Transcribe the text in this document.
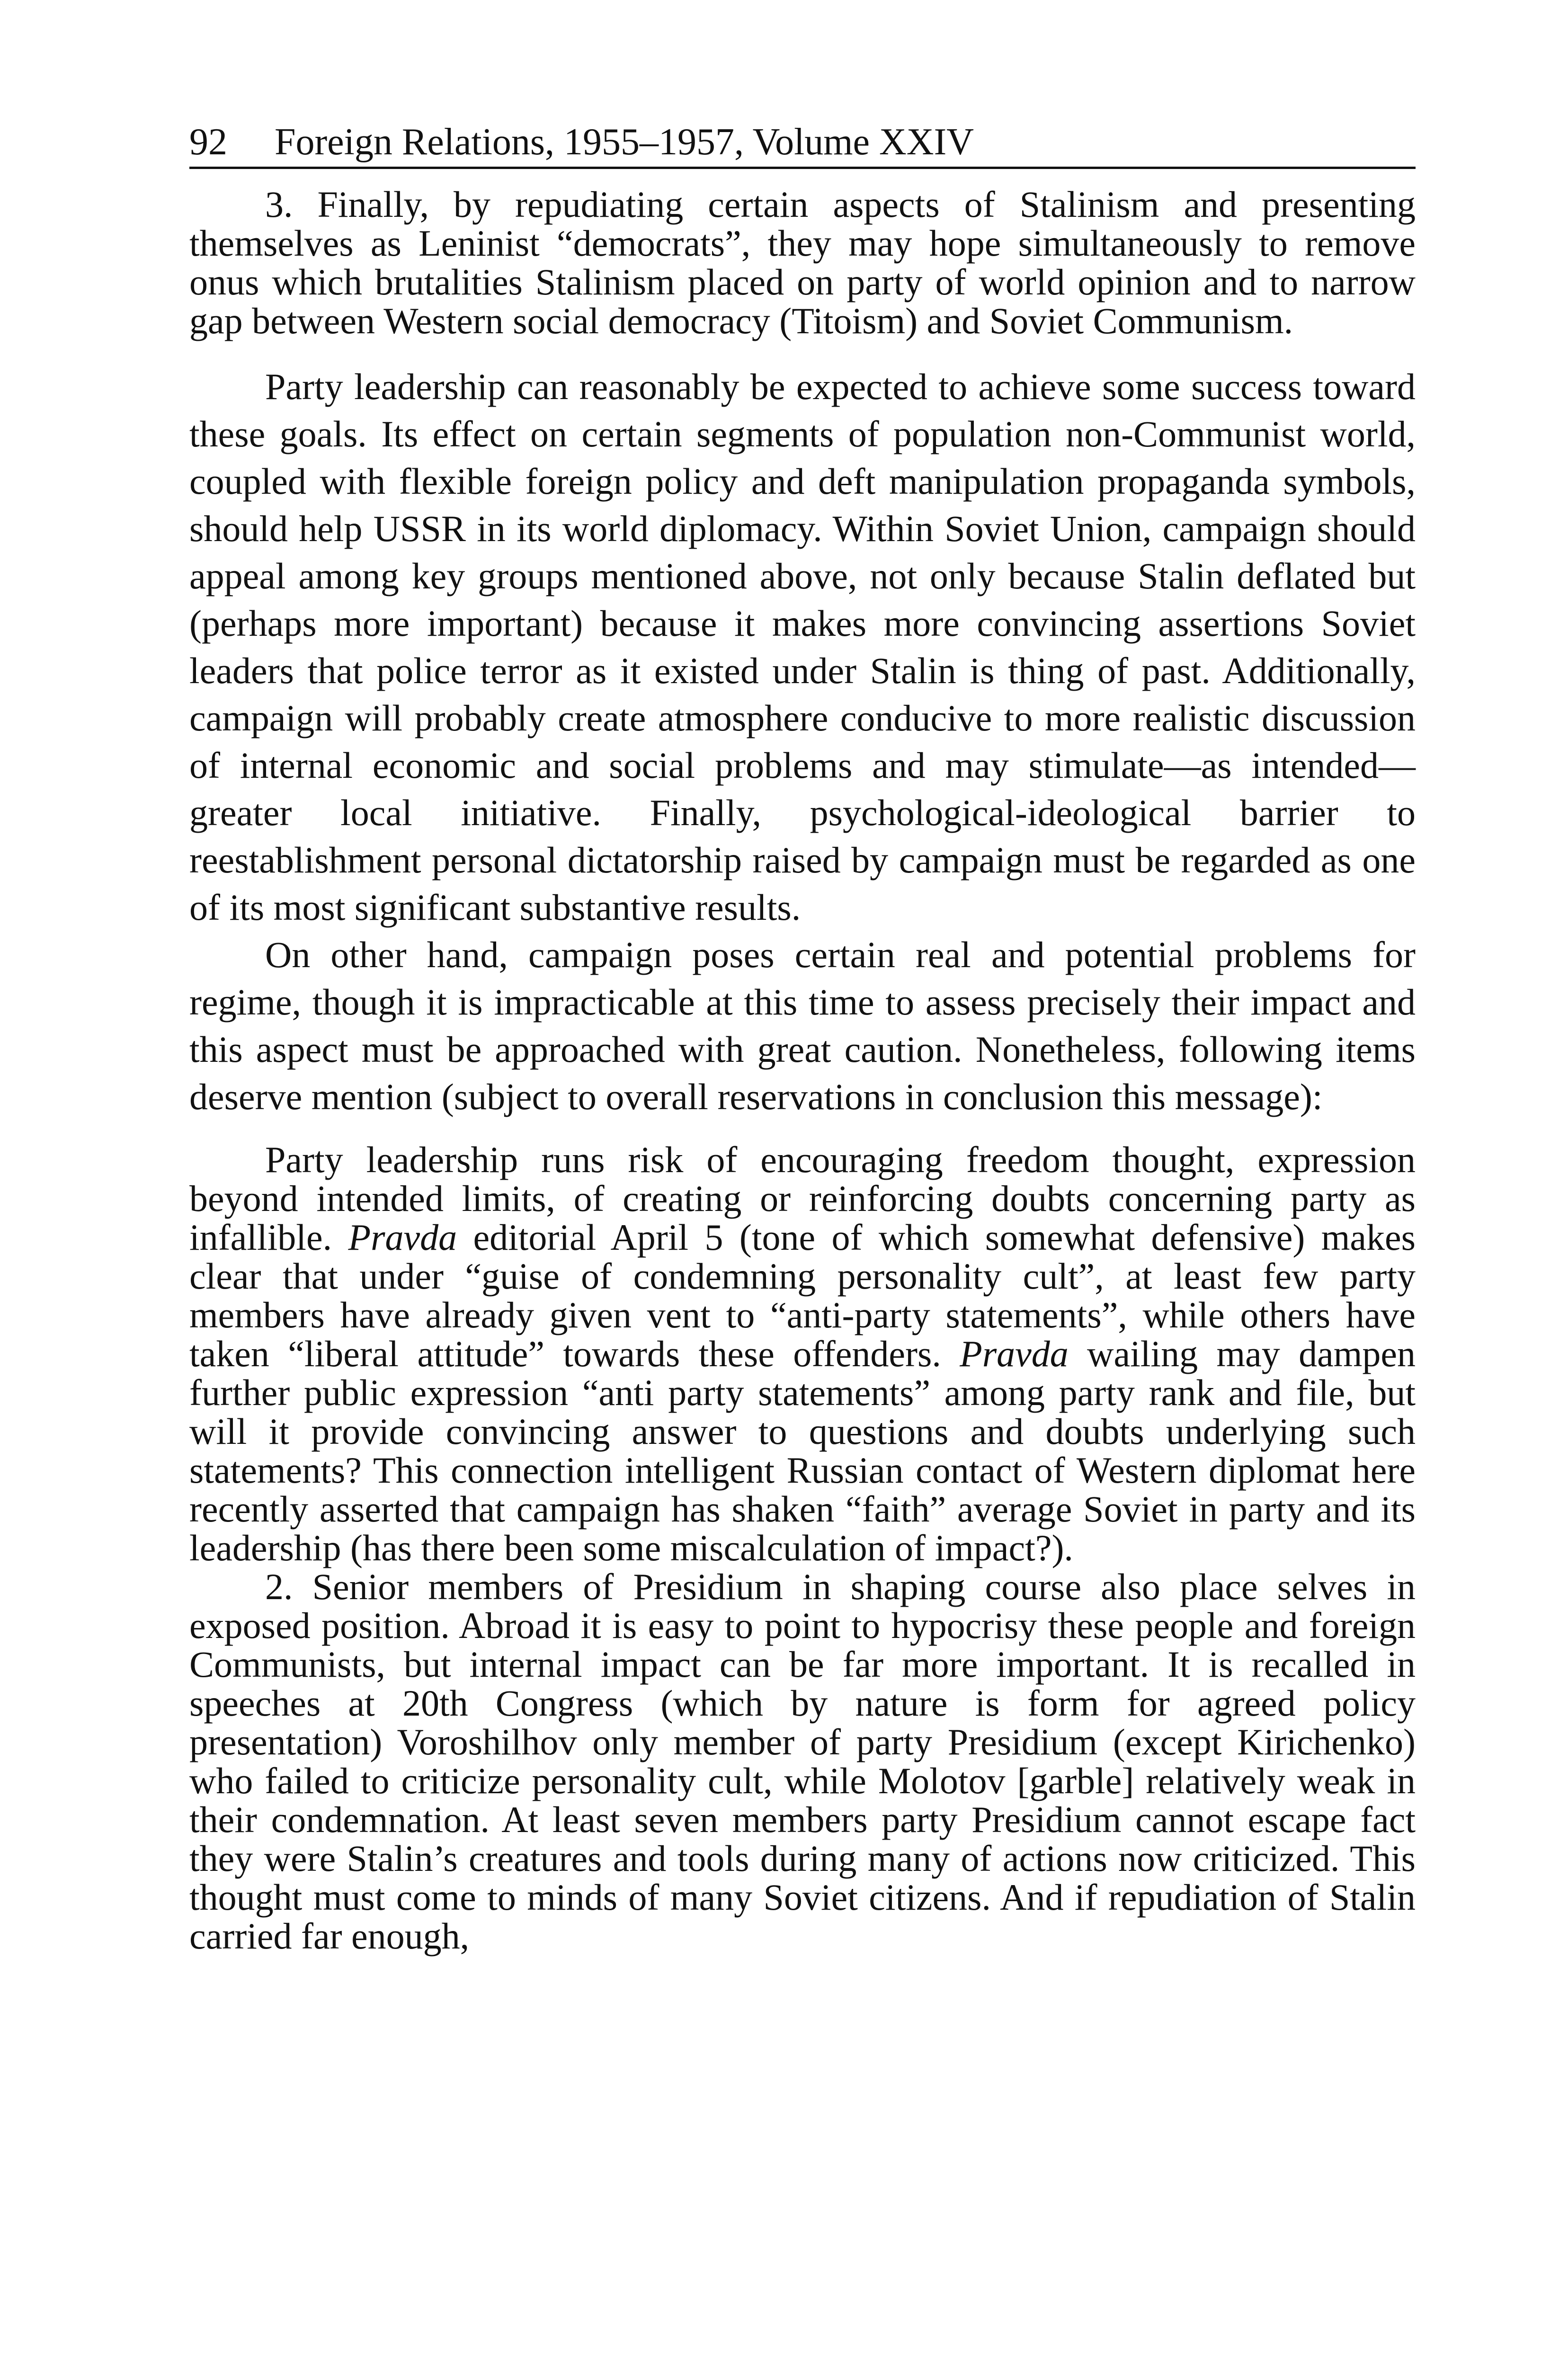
92 Foreign Relations, 1955–1957, Volume XXIV

3. Finally, by repudiating certain aspects of Stalinism and presenting themselves as Leninist “democrats”, they may hope simultaneously to remove onus which brutalities Stalinism placed on party of world opinion and to narrow gap between Western social democracy (Titoism) and Soviet Communism.

Party leadership can reasonably be expected to achieve some success toward these goals. Its effect on certain segments of population non-Communist world, coupled with flexible foreign policy and deft manipulation propaganda symbols, should help USSR in its world diplomacy. Within Soviet Union, campaign should appeal among key groups mentioned above, not only because Stalin deflated but (perhaps more important) because it makes more convincing assertions Soviet leaders that police terror as it existed under Stalin is thing of past. Additionally, campaign will probably create atmosphere conducive to more realistic discussion of internal economic and social problems and may stimulate—as intended—greater local initiative. Finally, psychological-ideological barrier to reestablishment personal dictatorship raised by campaign must be regarded as one of its most significant substantive results.

On other hand, campaign poses certain real and potential problems for regime, though it is impracticable at this time to assess precisely their impact and this aspect must be approached with great caution. Nonetheless, following items deserve mention (subject to overall reservations in conclusion this message):

Party leadership runs risk of encouraging freedom thought, expression beyond intended limits, of creating or reinforcing doubts concerning party as infallible. Pravda editorial April 5 (tone of which somewhat defensive) makes clear that under “guise of condemning personality cult”, at least few party members have already given vent to “anti-party statements”, while others have taken “liberal attitude” towards these offenders. Pravda wailing may dampen further public expression “anti party statements” among party rank and file, but will it provide convincing answer to questions and doubts underlying such statements? This connection intelligent Russian contact of Western diplomat here recently asserted that campaign has shaken “faith” average Soviet in party and its leadership (has there been some miscalculation of impact?).

2. Senior members of Presidium in shaping course also place selves in exposed position. Abroad it is easy to point to hypocrisy these people and foreign Communists, but internal impact can be far more important. It is recalled in speeches at 20th Congress (which by nature is form for agreed policy presentation) Voroshilhov only member of party Presidium (except Kirichenko) who failed to criticize personality cult, while Molotov [garble] relatively weak in their condemnation. At least seven members party Presidium cannot escape fact they were Stalin’s creatures and tools during many of actions now criticized. This thought must come to minds of many Soviet citizens. And if repudiation of Stalin carried far enough,
